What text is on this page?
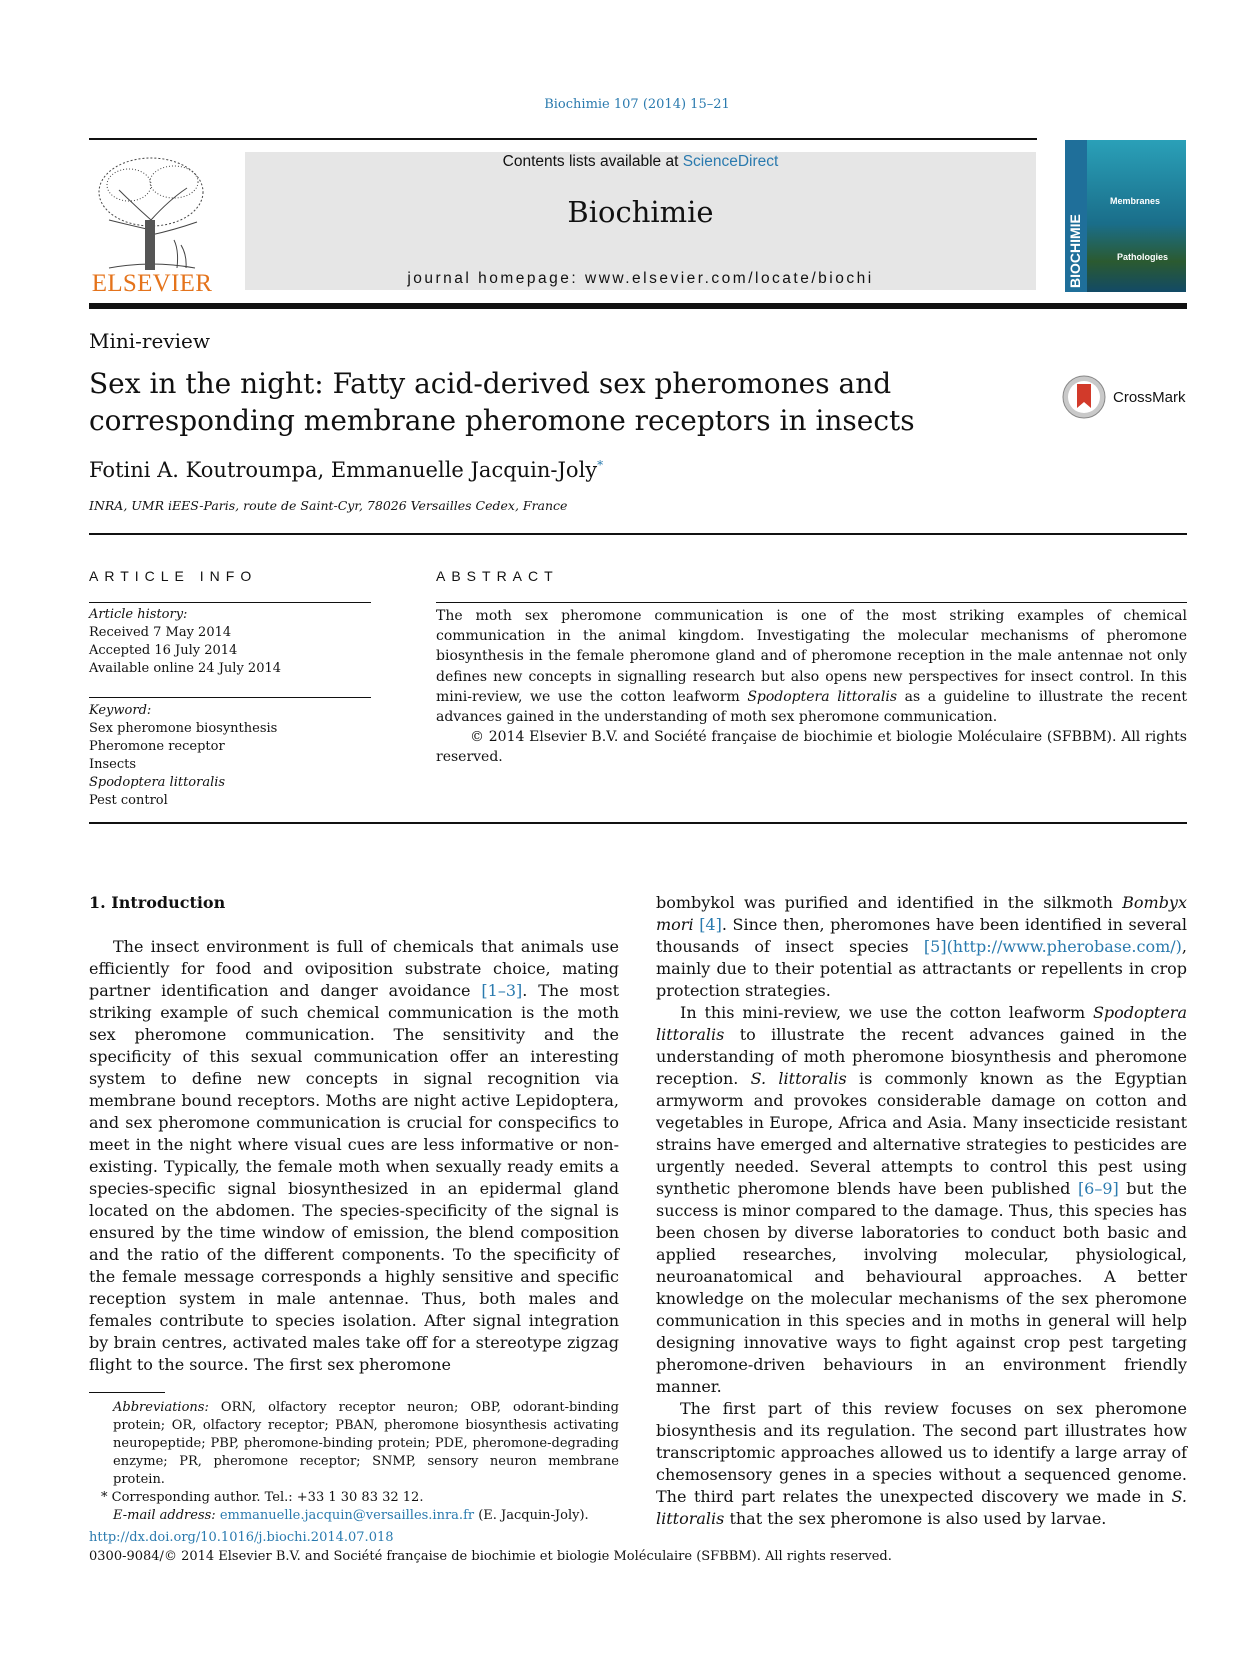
Biochimie 107 (2014) 15–21
ELSEVIER
Contents lists available at ScienceDirect
Biochimie
journal homepage: www.elsevier.com/locate/biochi	BIOCHIMIE
Membranes
Pathologies
Mini-review
Sex in the night: Fatty acid-derived sex pheromones and
corresponding membrane pheromone receptors in insects
CrossMark
Fotini A. Koutroumpa, Emmanuelle Jacquin-Joly*
INRA, UMR iEES-Paris, route de Saint-Cyr, 78026 Versailles Cedex, France
ARTICLE INFO
Article history:
Received 7 May 2014
Accepted 16 July 2014
Available online 24 July 2014
Keyword:
Sex pheromone biosynthesis
Pheromone receptor
Insects
Spodoptera littoralis
Pest control
ABSTRACT
The moth sex pheromone communication is one of the most striking examples of chemical communication in the animal kingdom. Investigating the molecular mechanisms of pheromone biosynthesis in the female pheromone gland and of pheromone reception in the male antennae not only defines new concepts in signalling research but also opens new perspectives for insect control. In this mini-review, we use the cotton leafworm Spodoptera littoralis as a guideline to illustrate the recent advances gained in the understanding of moth sex pheromone communication.
© 2014 Elsevier B.V. and Société française de biochimie et biologie Moléculaire (SFBBM). All rights reserved.
1. Introduction

The insect environment is full of chemicals that animals use efficiently for food and oviposition substrate choice, mating partner identification and danger avoidance [1–3]. The most striking example of such chemical communication is the moth sex pheromone communication. The sensitivity and the specificity of this sexual communication offer an interesting system to define new concepts in signal recognition via membrane bound receptors. Moths are night active Lepidoptera, and sex pheromone communication is crucial for conspecifics to meet in the night where visual cues are less informative or non-existing. Typically, the female moth when sexually ready emits a species-specific signal biosynthesized in an epidermal gland located on the abdomen. The species-specificity of the signal is ensured by the time window of emission, the blend composition and the ratio of the different components. To the specificity of the female message corresponds a highly sensitive and specific reception system in male antennae. Thus, both males and females contribute to species isolation. After signal integration by brain centres, activated males take off for a stereotype zigzag flight to the source. The first sex pheromone

Abbreviations: ORN, olfactory receptor neuron; OBP, odorant-binding protein; OR, olfactory receptor; PBAN, pheromone biosynthesis activating neuropeptide; PBP, pheromone-binding protein; PDE, pheromone-degrading enzyme; PR, pheromone receptor; SNMP, sensory neuron membrane protein.

* Corresponding author. Tel.: +33 1 30 83 32 12.

E-mail address: emmanuelle.jacquin@versailles.inra.fr (E. Jacquin-Joly).

bombykol was purified and identified in the silkmoth Bombyx mori [4]. Since then, pheromones have been identified in several thousands of insect species [5](http://www.pherobase.com/), mainly due to their potential as attractants or repellents in crop protection strategies.

In this mini-review, we use the cotton leafworm Spodoptera littoralis to illustrate the recent advances gained in the understanding of moth pheromone biosynthesis and pheromone reception. S. littoralis is commonly known as the Egyptian armyworm and provokes considerable damage on cotton and vegetables in Europe, Africa and Asia. Many insecticide resistant strains have emerged and alternative strategies to pesticides are urgently needed. Several attempts to control this pest using synthetic pheromone blends have been published [6–9] but the success is minor compared to the damage. Thus, this species has been chosen by diverse laboratories to conduct both basic and applied researches, involving molecular, physiological, neuroanatomical and behavioural approaches. A better knowledge on the molecular mechanisms of the sex pheromone communication in this species and in moths in general will help designing innovative ways to fight against crop pest targeting pheromone-driven behaviours in an environment friendly manner.

The first part of this review focuses on sex pheromone biosynthesis and its regulation. The second part illustrates how transcriptomic approaches allowed us to identify a large array of chemosensory genes in a species without a sequenced genome. The third part relates the unexpected discovery we made in S. littoralis that the sex pheromone is also used by larvae.

http://dx.doi.org/10.1016/j.biochi.2014.07.018
0300-9084/© 2014 Elsevier B.V. and Société française de biochimie et biologie Moléculaire (SFBBM). All rights reserved.
